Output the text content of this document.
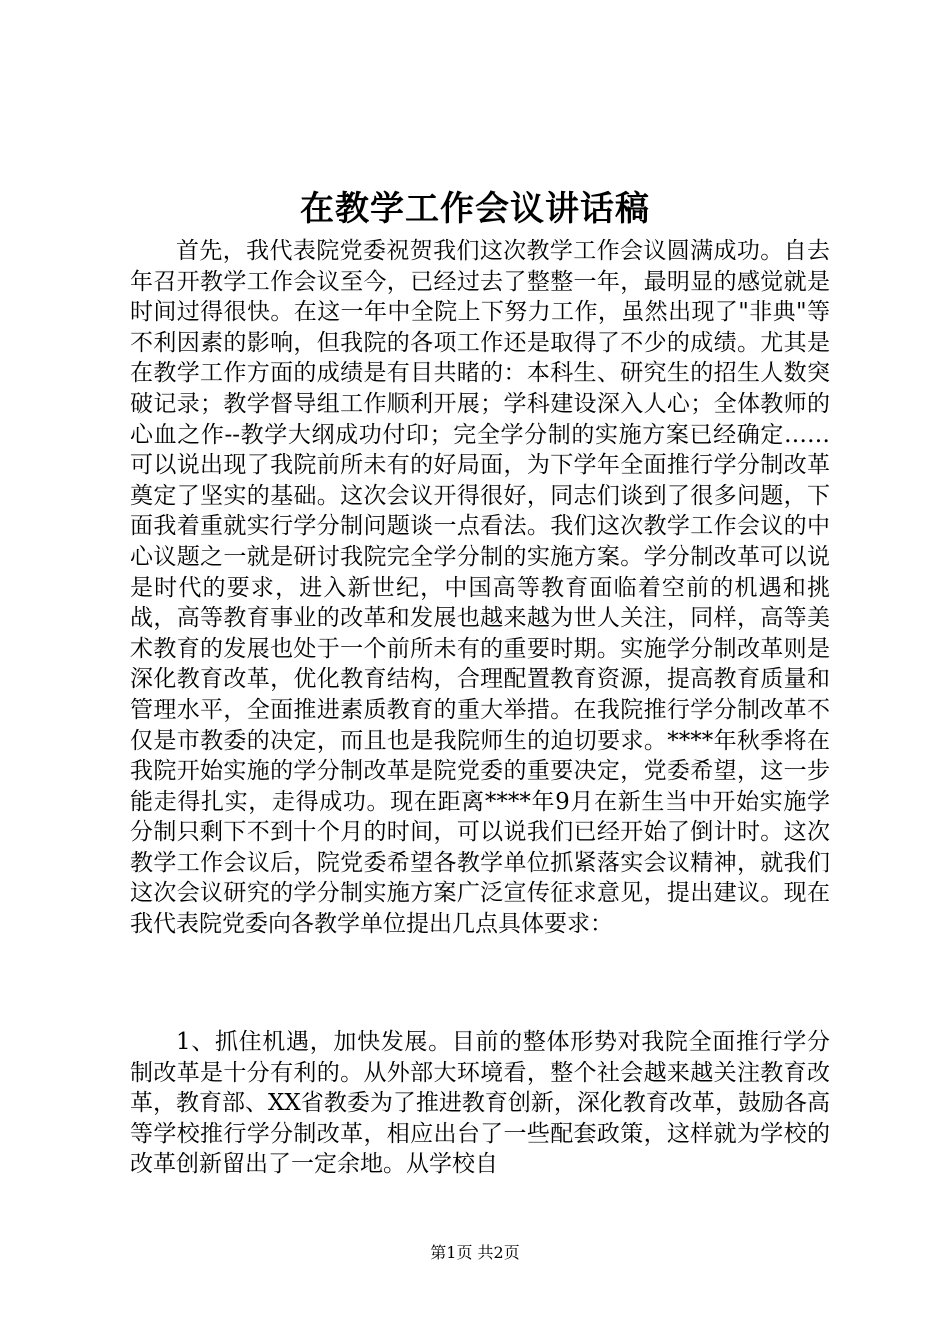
在教学工作会议讲话稿

首先，我代表院党委祝贺我们这次教学工作会议圆满成功。自去年召开教学工作会议至今，已经过去了整整一年，最明显的感觉就是时间过得很快。在这一年中全院上下努力工作，虽然出现了"非典"等不利因素的影响，但我院的各项工作还是取得了不少的成绩。尤其是在教学工作方面的成绩是有目共睹的：本科生、研究生的招生人数突破记录；教学督导组工作顺利开展；学科建设深入人心；全体教师的心血之作--教学大纲成功付印；完全学分制的实施方案已经确定……可以说出现了我院前所未有的好局面，为下学年全面推行学分制改革奠定了坚实的基础。这次会议开得很好，同志们谈到了很多问题，下面我着重就实行学分制问题谈一点看法。我们这次教学工作会议的中心议题之一就是研讨我院完全学分制的实施方案。学分制改革可以说是时代的要求，进入新世纪，中国高等教育面临着空前的机遇和挑战，高等教育事业的改革和发展也越来越为世人关注，同样，高等美术教育的发展也处于一个前所未有的重要时期。实施学分制改革则是深化教育改革，优化教育结构，合理配置教育资源，提高教育质量和管理水平，全面推进素质教育的重大举措。在我院推行学分制改革不仅是市教委的决定，而且也是我院师生的迫切要求。****年秋季将在我院开始实施的学分制改革是院党委的重要决定，党委希望，这一步能走得扎实，走得成功。现在距离****年9月在新生当中开始实施学分制只剩下不到十个月的时间，可以说我们已经开始了倒计时。这次教学工作会议后，院党委希望各教学单位抓紧落实会议精神，就我们这次会议研究的学分制实施方案广泛宣传征求意见，提出建议。现在我代表院党委向各教学单位提出几点具体要求：

1、抓住机遇，加快发展。目前的整体形势对我院全面推行学分制改革是十分有利的。从外部大环境看，整个社会越来越关注教育改革，教育部、XX省教委为了推进教育创新，深化教育改革，鼓励各高等学校推行学分制改革，相应出台了一些配套政策，这样就为学校的改革创新留出了一定余地。从学校自

第1页 共2页
